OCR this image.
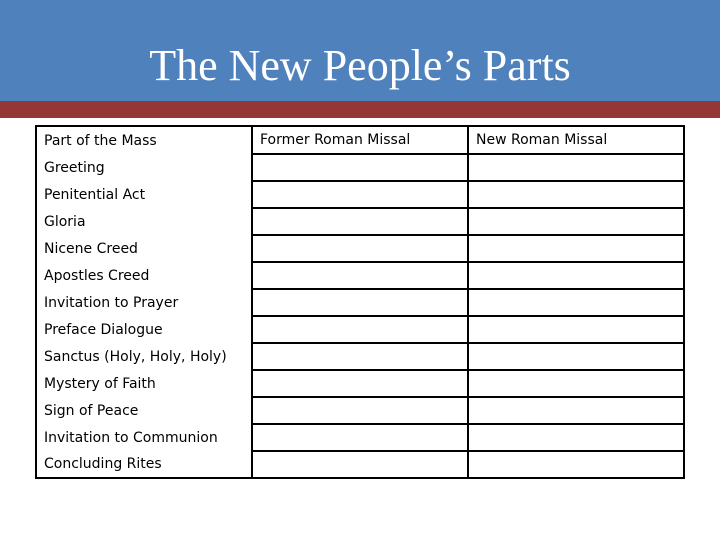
The New People’s Parts
Part of the Mass	Former Roman Missal	New Roman Missal
Greeting		
Penitential Act		
Gloria		
Nicene Creed		
Apostles Creed		
Invitation to Prayer		
Preface Dialogue		
Sanctus (Holy, Holy, Holy)		
Mystery of Faith		
Sign of Peace		
Invitation to Communion		
Concluding Rites		
